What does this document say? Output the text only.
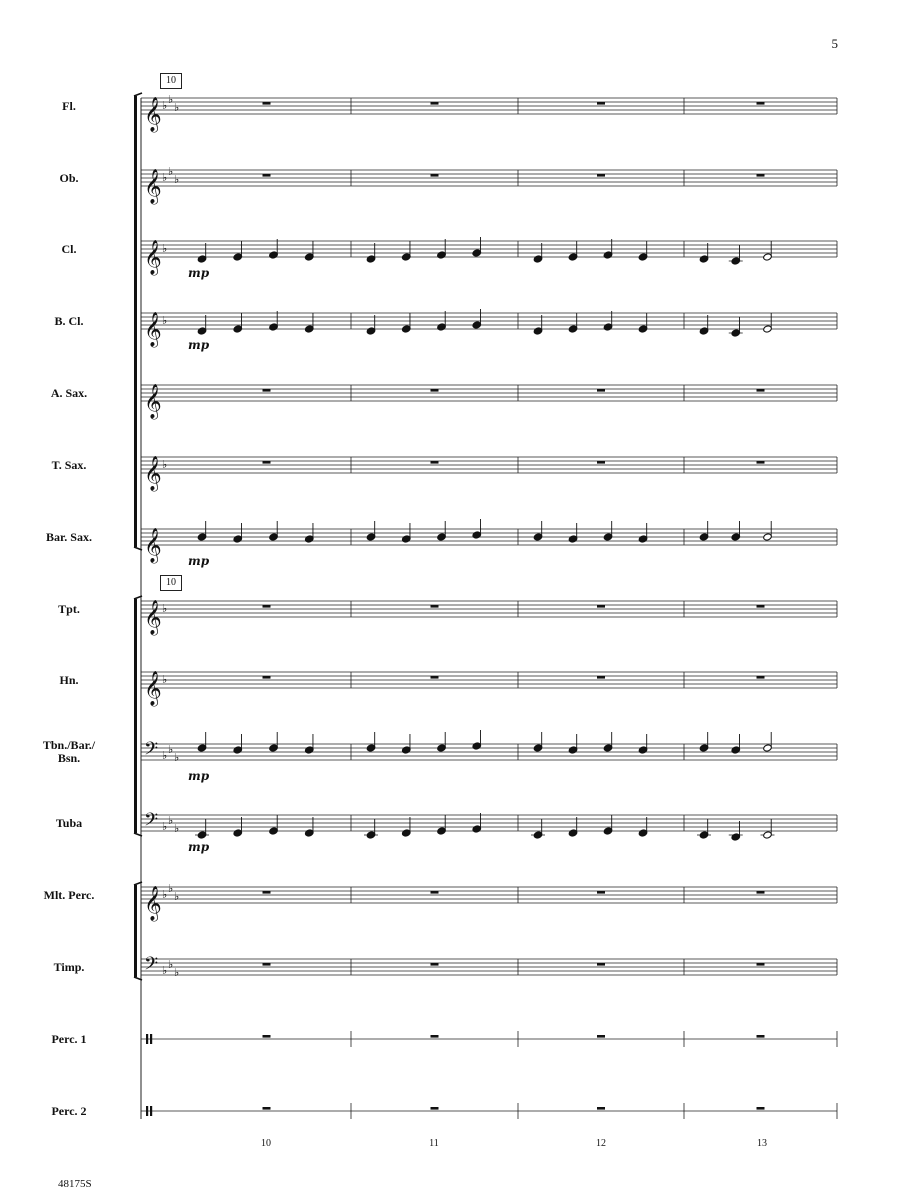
𝄞 ♭ ♭
♭
𝄞 ♭ ♭
♭
𝄞 ♭
mp
𝄞 ♭
mp
𝄞
𝄞 ♭
𝄞 mp
𝄞 ♭
𝄞 ♭
𝄢 ♭ ♭
♭
mp
𝄢 ♭ ♭
♭
mp
𝄞 ♭ ♭
♭
𝄢 ♭ ♭
♭
5
48175S
10
10
10	11	12	13
Fl.
Ob.
Cl.
B. Cl.
A. Sax.
T. Sax.
Bar. Sax.
Tpt.
Hn.
Tbn./Bar./
Bsn.
Tuba
Mlt. Perc.
Timp.
Perc. 1
Perc. 2
